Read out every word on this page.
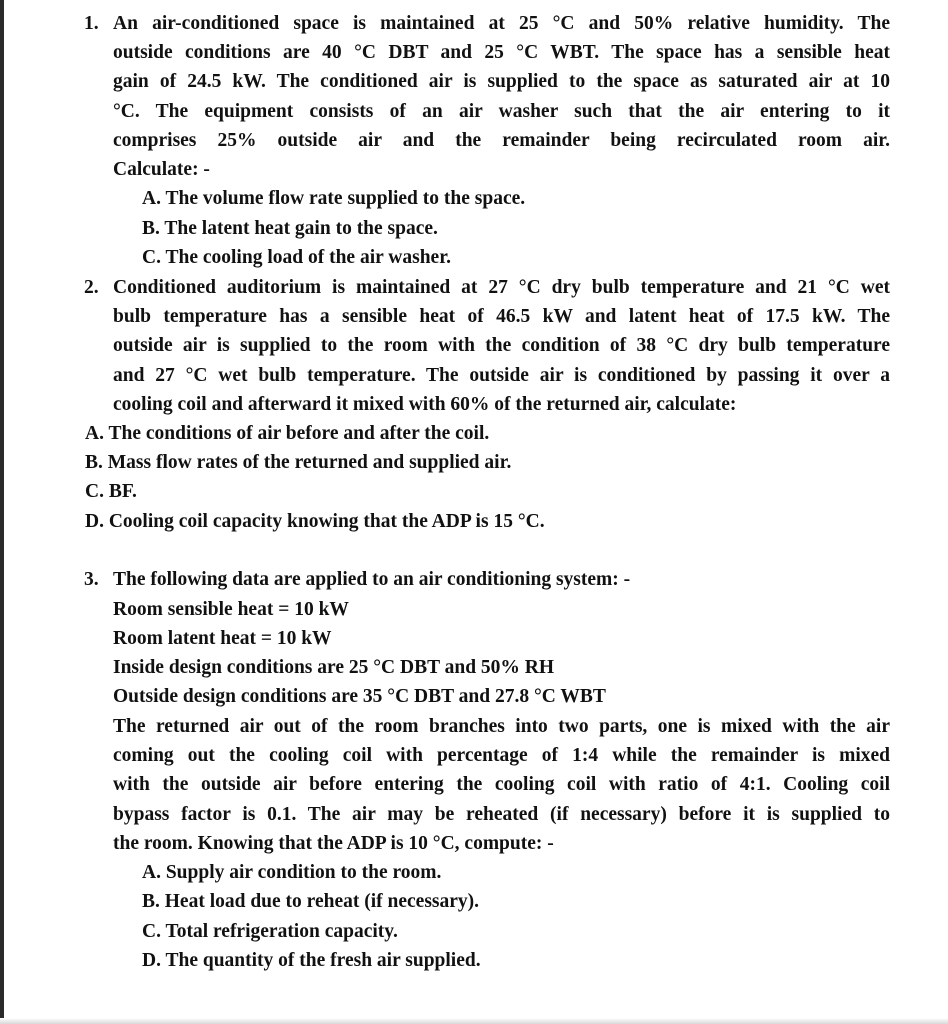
1. An air-conditioned space is maintained at 25 °C and 50% relative humidity. The
outside conditions are 40 °C DBT and 25 °C WBT. The space has a sensible heat
gain of 24.5 kW. The conditioned air is supplied to the space as saturated air at 10
°C. The equipment consists of an air washer such that the air entering to it
comprises 25% outside air and the remainder being recirculated room air.
Calculate: -
A. The volume flow rate supplied to the space.
B. The latent heat gain to the space.
C. The cooling load of the air washer.
2. Conditioned auditorium is maintained at 27 °C dry bulb temperature and 21 °C wet
bulb temperature has a sensible heat of 46.5 kW and latent heat of 17.5 kW. The
outside air is supplied to the room with the condition of 38 °C dry bulb temperature
and 27 °C wet bulb temperature. The outside air is conditioned by passing it over a
cooling coil and afterward it mixed with 60% of the returned air, calculate:
A. The conditions of air before and after the coil.
B. Mass flow rates of the returned and supplied air.
C. BF.
D. Cooling coil capacity knowing that the ADP is 15 °C.
3. The following data are applied to an air conditioning system: -
Room sensible heat = 10 kW
Room latent heat = 10 kW
Inside design conditions are 25 °C DBT and 50% RH
Outside design conditions are 35 °C DBT and 27.8 °C WBT
The returned air out of the room branches into two parts, one is mixed with the air
coming out the cooling coil with percentage of 1:4 while the remainder is mixed
with the outside air before entering the cooling coil with ratio of 4:1. Cooling coil
bypass factor is 0.1. The air may be reheated (if necessary) before it is supplied to
the room. Knowing that the ADP is 10 °C, compute: -
A. Supply air condition to the room.
B. Heat load due to reheat (if necessary).
C. Total refrigeration capacity.
D. The quantity of the fresh air supplied.
